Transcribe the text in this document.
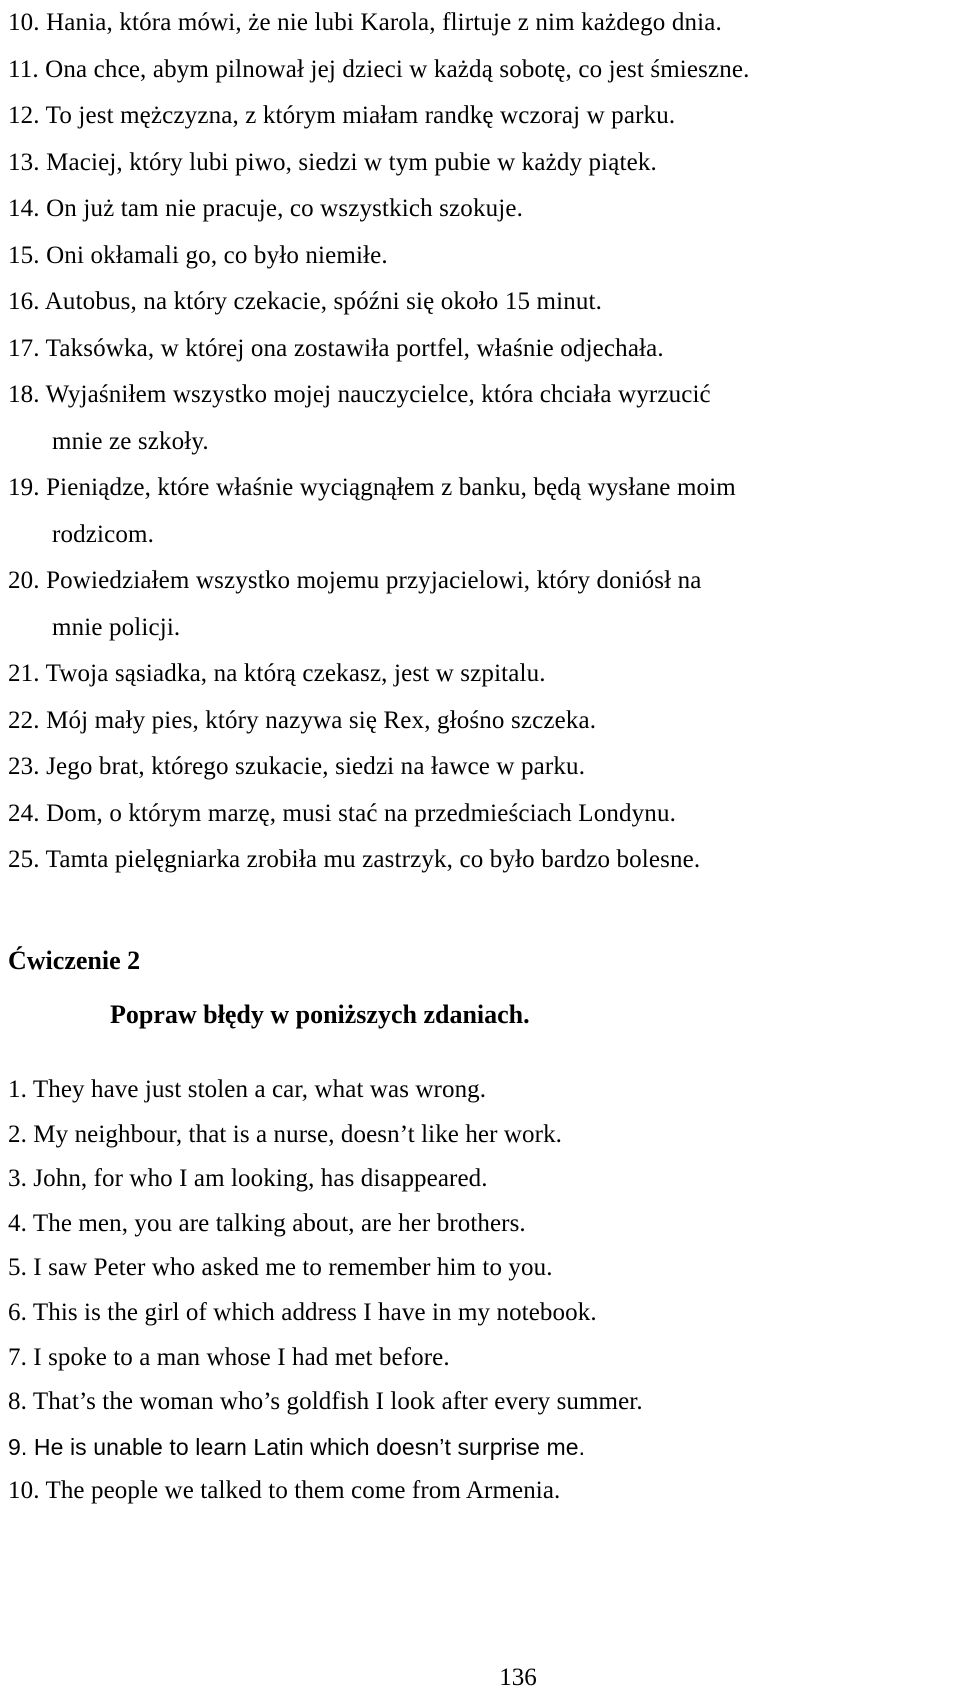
10. Hania, która mówi, że nie lubi Karola, flirtuje z nim każdego dnia.
11. Ona chce, abym pilnował jej dzieci w każdą sobotę, co jest śmieszne.
12. To jest mężczyzna, z którym miałam randkę wczoraj w parku.
13. Maciej, który lubi piwo, siedzi w tym pubie w każdy piątek.
14. On już tam nie pracuje, co wszystkich szokuje.
15. Oni okłamali go, co było niemiłe.
16. Autobus, na który czekacie, spóźni się około 15 minut.
17. Taksówka, w której ona zostawiła portfel, właśnie odjechała.
18. Wyjaśniłem wszystko mojej nauczycielce, która chciała wyrzucić
mnie ze szkoły.
19. Pieniądze, które właśnie wyciągnąłem z banku, będą wysłane moim
rodzicom.
20. Powiedziałem wszystko mojemu przyjacielowi, który doniósł na
mnie policji.
21. Twoja sąsiadka, na którą czekasz, jest w szpitalu.
22. Mój mały pies, który nazywa się Rex, głośno szczeka.
23. Jego brat, którego szukacie, siedzi na ławce w parku.
24. Dom, o którym marzę, musi stać na przedmieściach Londynu.
25. Tamta pielęgniarka zrobiła mu zastrzyk, co było bardzo bolesne.
Ćwiczenie 2
Popraw błędy w poniższych zdaniach.
1. They have just stolen a car, what was wrong.
2. My neighbour, that is a nurse, doesn’t like her work.
3. John, for who I am looking, has disappeared.
4. The men, you are talking about, are her brothers.
5. I saw Peter who asked me to remember him to you.
6. This is the girl of which address I have in my notebook.
7. I spoke to a man whose I had met before.
8. That’s the woman who’s goldfish I look after every summer.
9. He is unable to learn Latin which doesn’t surprise me.
10. The people we talked to them come from Armenia.
136
